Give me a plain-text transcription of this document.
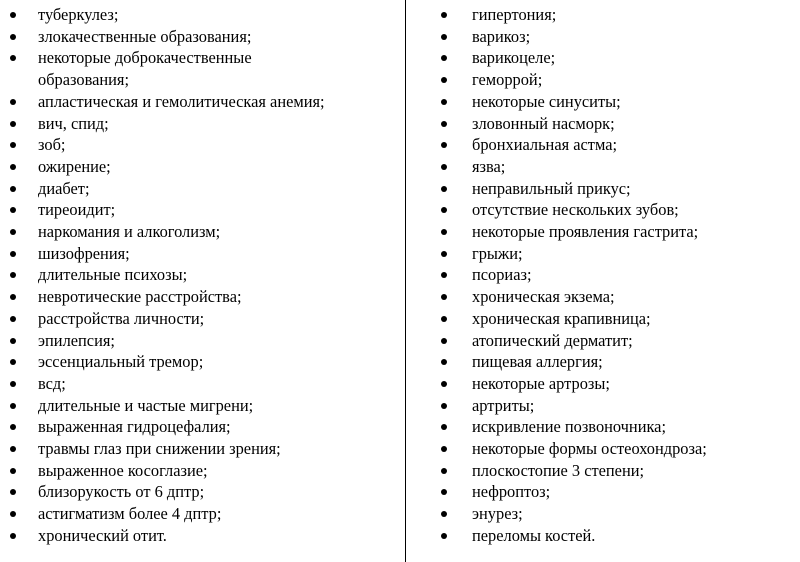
туберкулез;
злокачественные образования;
некоторые доброкачественные образования;
апластическая и гемолитическая анемия;
вич, спид;
зоб;
ожирение;
диабет;
тиреоидит;
наркомания и алкоголизм;
шизофрения;
длительные психозы;
невротические расстройства;
расстройства личности;
эпилепсия;
эссенциальный тремор;
всд;
длительные и частые мигрени;
выраженная гидроцефалия;
травмы глаз при снижении зрения;
выраженное косоглазие;
близорукость от 6 дптр;
астигматизм более 4 дптр;
хронический отит.
гипертония;
варикоз;
варикоцеле;
геморрой;
некоторые синуситы;
зловонный насморк;
бронхиальная астма;
язва;
неправильный прикус;
отсутствие нескольких зубов;
некоторые проявления гастрита;
грыжи;
псориаз;
хроническая экзема;
хроническая крапивница;
атопический дерматит;
пищевая аллергия;
некоторые артрозы;
артриты;
искривление позвоночника;
некоторые формы остеохондроза;
плоскостопие 3 степени;
нефроптоз;
энурез;
переломы костей.
